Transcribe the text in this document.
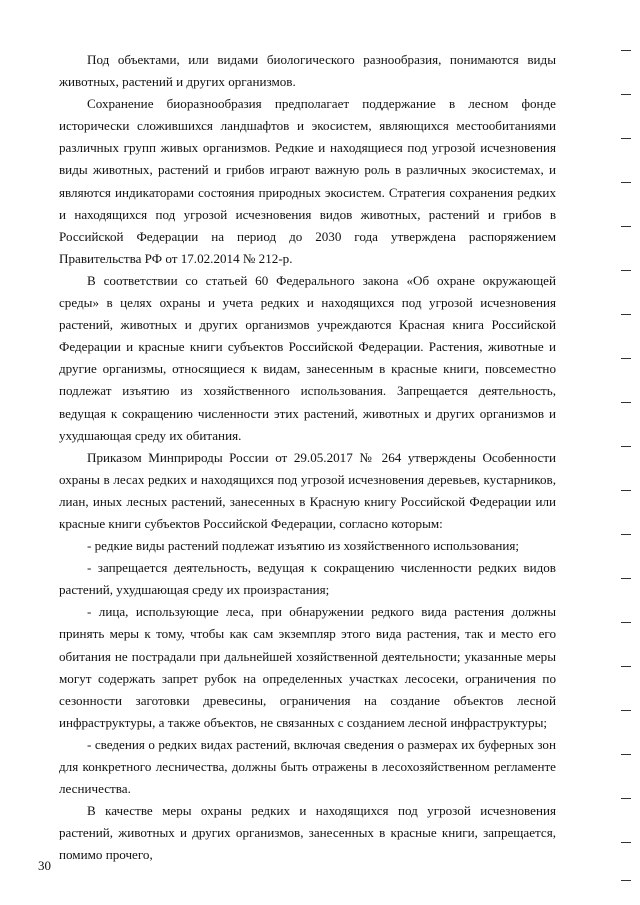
Под объектами, или видами биологического разнообразия, понимаются виды животных, растений и других организмов.

Сохранение биоразнообразия предполагает поддержание в лесном фонде исторически сложившихся ландшафтов и экосистем, являющихся местообитаниями различных групп живых организмов. Редкие и находящиеся под угрозой исчезновения виды животных, растений и грибов играют важную роль в различных экосистемах, и являются индикаторами состояния природных экосистем. Стратегия сохранения редких и находящихся под угрозой исчезновения видов животных, растений и грибов в Российской Федерации на период до 2030 года утверждена распоряжением Правительства РФ от 17.02.2014 № 212-р.

В соответствии со статьей 60 Федерального закона «Об охране окружающей среды» в целях охраны и учета редких и находящихся под угрозой исчезновения растений, животных и других организмов учреждаются Красная книга Российской Федерации и красные книги субъектов Российской Федерации. Растения, животные и другие организмы, относящиеся к видам, занесенным в красные книги, повсеместно подлежат изъятию из хозяйственного использования. Запрещается деятельность, ведущая к сокращению численности этих растений, животных и других организмов и ухудшающая среду их обитания.

Приказом Минприроды России от 29.05.2017 № 264 утверждены Особенности охраны в лесах редких и находящихся под угрозой исчезновения деревьев, кустарников, лиан, иных лесных растений, занесенных в Красную книгу Российской Федерации или красные книги субъектов Российской Федерации, согласно которым:

- редкие виды растений подлежат изъятию из хозяйственного использования;

- запрещается деятельность, ведущая к сокращению численности редких видов растений, ухудшающая среду их произрастания;

- лица, использующие леса, при обнаружении редкого вида растения должны принять меры к тому, чтобы как сам экземпляр этого вида растения, так и место его обитания не пострадали при дальнейшей хозяйственной деятельности; указанные меры могут содержать запрет рубок на определенных участках лесосеки, ограничения по сезонности заготовки древесины, ограничения на создание объектов лесной инфраструктуры, а также объектов, не связанных с созданием лесной инфраструктуры;

- сведения о редких видах растений, включая сведения о размерах их буферных зон для конкретного лесничества, должны быть отражены в лесохозяйственном регламенте лесничества.

В качестве меры охраны редких и находящихся под угрозой исчезновения растений, животных и других организмов, занесенных в красные книги, запрещается, помимо прочего,

30
